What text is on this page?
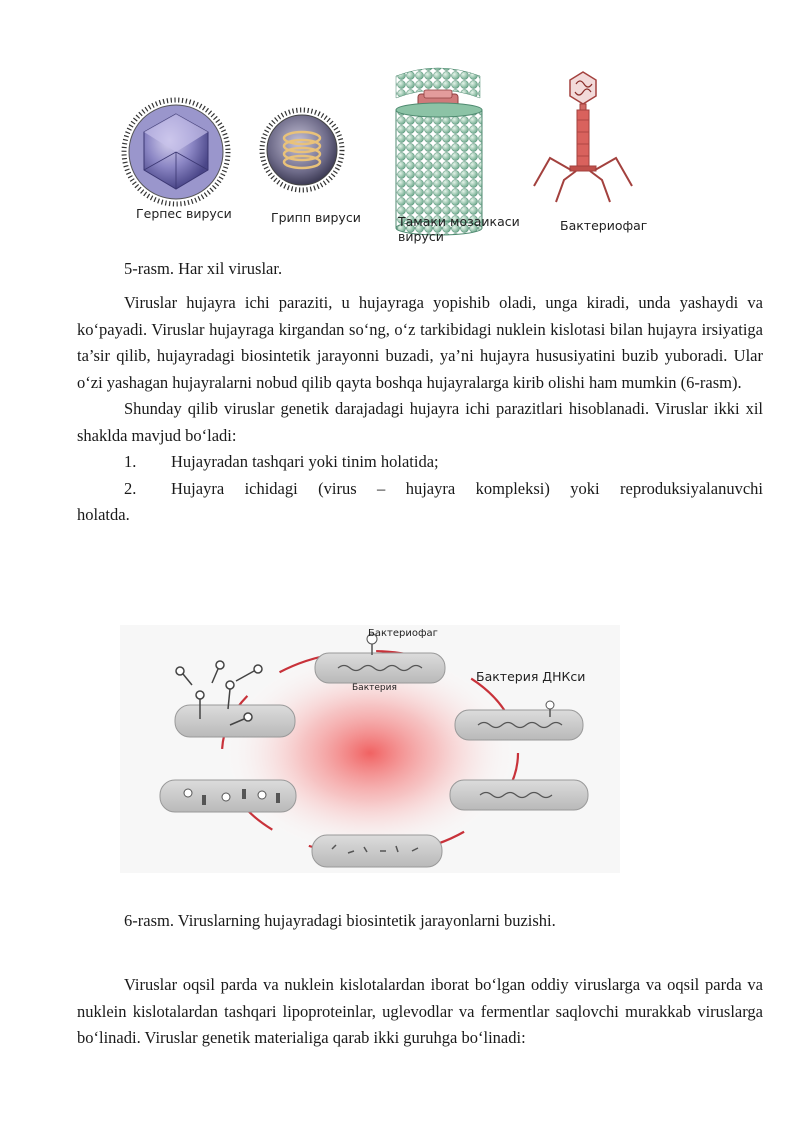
Герпес вируси	Грипп вируси	Тамаки мозаикаси
вируси
Бактериофаг
5-rasm. Har xil viruslar.

Viruslar hujayra ichi paraziti, u hujayraga yopishib oladi, unga kiradi, unda yashaydi va ko‘payadi. Viruslar hujayraga kirgandan so‘ng, o‘z tarkibidagi nuklein kislotasi bilan hujayra irsiyatiga ta’sir qilib, hujayradagi biosintetik jarayonni buzadi, ya’ni hujayra hususiyatini buzib yuboradi. Ular o‘zi yashagan hujayralarni nobud qilib qayta boshqa hujayralarga kirib olishi ham mumkin (6-rasm).

Shunday qilib viruslar genetik darajadagi hujayra ichi parazitlari hisoblanadi. Viruslar ikki xil shaklda mavjud bo‘ladi:

1. Hujayradan tashqari yoki tinim holatida;
2. Hujayra ichidagi (virus – hujayra kompleksi) yoki reproduksiyalanuvchi
holatda.
Бактериофаг
Бактерия ДНКси
Бактерия
6-rasm. Viruslarning hujayradagi biosintetik jarayonlarni buzishi.

Viruslar oqsil parda va nuklein kislotalardan iborat bo‘lgan oddiy viruslarga va oqsil parda va nuklein kislotalardan tashqari lipoproteinlar, uglevodlar va fermentlar saqlovchi murakkab viruslarga bo‘linadi. Viruslar genetik materialiga qarab ikki guruhga bo‘linadi:
